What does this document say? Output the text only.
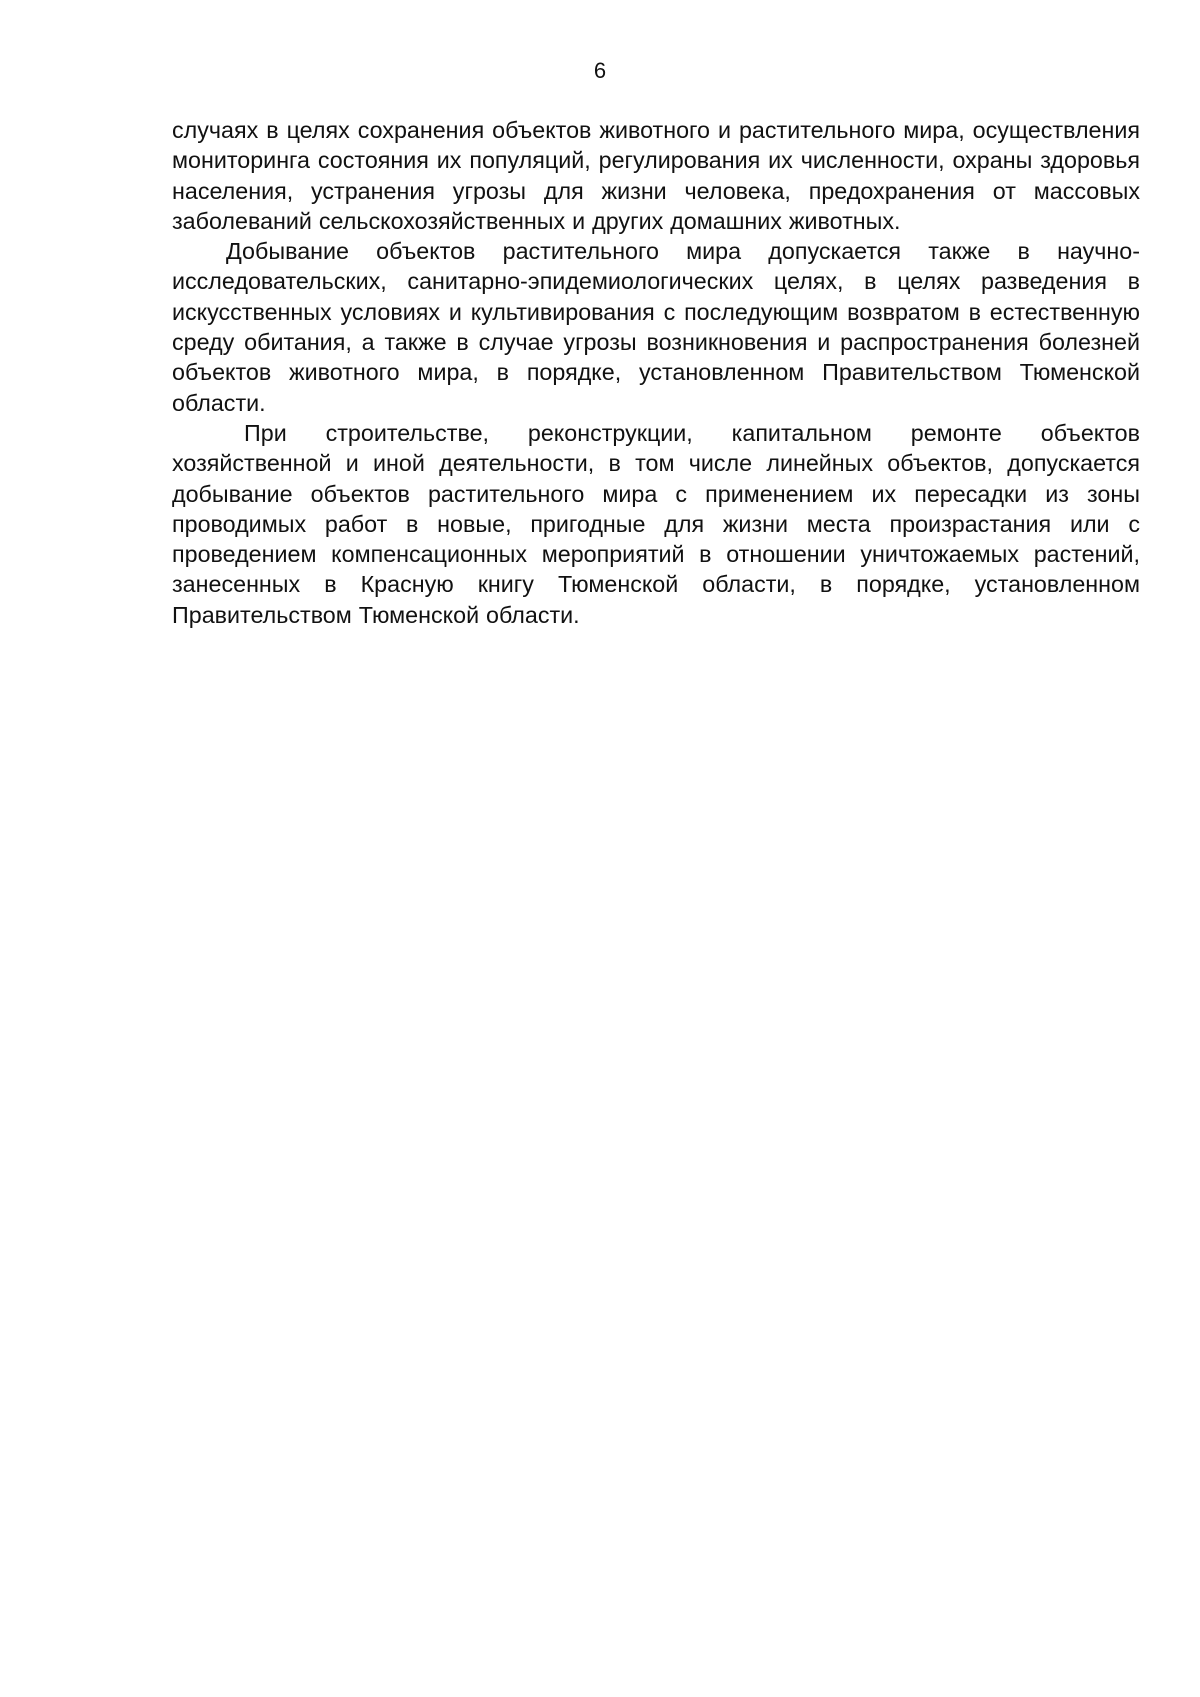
6

случаях в целях сохранения объектов животного и растительного мира, осуществления мониторинга состояния их популяций, регулирования их численности, охраны здоровья населения, устранения угрозы для жизни человека, предохранения от массовых заболеваний сельскохозяйственных и других домашних животных.

Добывание объектов растительного мира допускается также в научно-исследовательских, санитарно-эпидемиологических целях, в целях разведения в искусственных условиях и культивирования с последующим возвратом в естественную среду обитания, а также в случае угрозы возникновения и распространения болезней объектов животного мира, в порядке, установленном Правительством Тюменской области.

При строительстве, реконструкции, капитальном ремонте объектов хозяйственной и иной деятельности, в том числе линейных объектов, допускается добывание объектов растительного мира с применением их пересадки из зоны проводимых работ в новые, пригодные для жизни места произрастания или с проведением компенсационных мероприятий в отношении уничтожаемых растений, занесенных в Красную книгу Тюменской области, в порядке, установленном Правительством Тюменской области.
